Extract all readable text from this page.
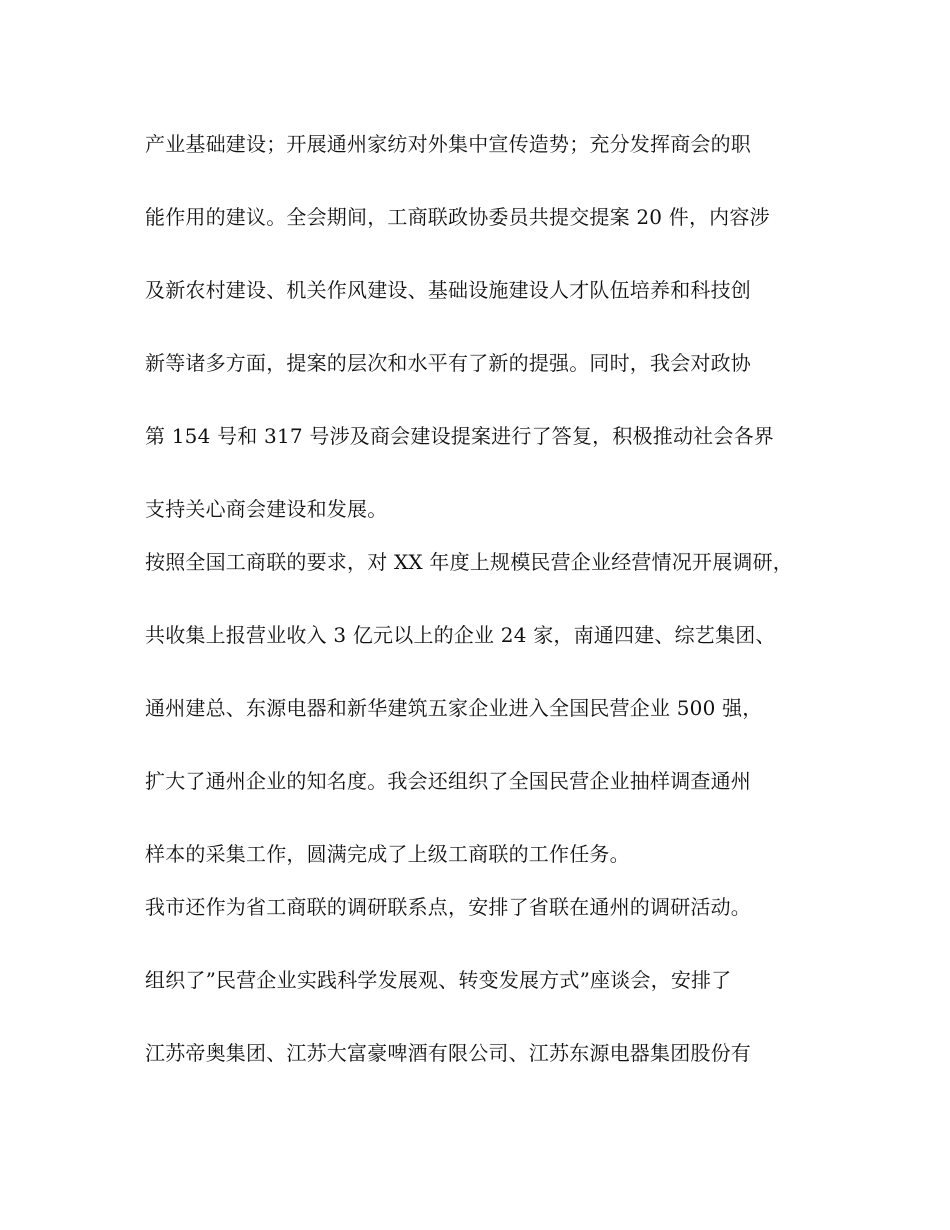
产业基础建设；开展通州家纺对外集中宣传造势；充分发挥商会的职
能作用的建议。全会期间，工商联政协委员共提交提案 20 件，内容涉
及新农村建设、机关作风建设、基础设施建设人才队伍培养和科技创
新等诸多方面，提案的层次和水平有了新的提强。同时，我会对政协
第 154 号和 317 号涉及商会建设提案进行了答复，积极推动社会各界
支持关心商会建设和发展。
按照全国工商联的要求，对 XX 年度上规模民营企业经营情况开展调研，
共收集上报营业收入 3 亿元以上的企业 24 家，南通四建、综艺集团、
通州建总、东源电器和新华建筑五家企业进入全国民营企业 500 强，
扩大了通州企业的知名度。我会还组织了全国民营企业抽样调查通州
样本的采集工作，圆满完成了上级工商联的工作任务。
我市还作为省工商联的调研联系点，安排了省联在通州的调研活动。
组织了”民营企业实践科学发展观、转变发展方式”座谈会，安排了
江苏帝奥集团、江苏大富豪啤酒有限公司、江苏东源电器集团股份有
